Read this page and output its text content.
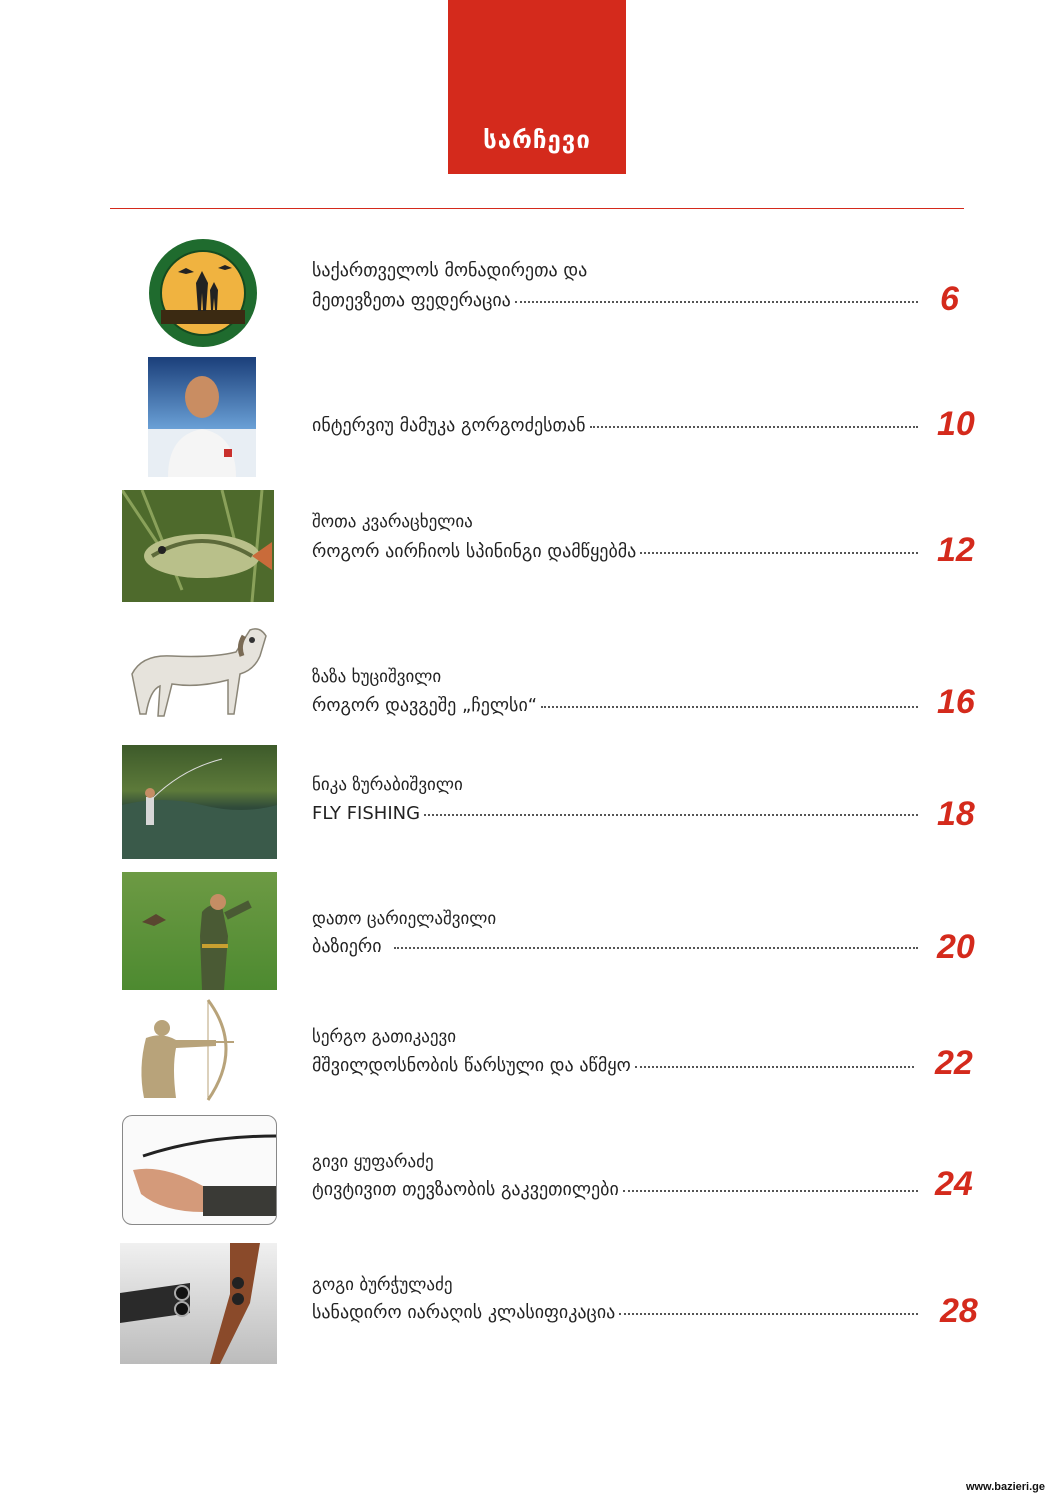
სარჩევი
საქართველოს მონადირეთა და
მეთევზეთა ფედერაცია	6
ინტერვიუ მამუკა გორგოძესთან	10
შოთა კვარაცხელია
როგორ აირჩიოს სპინინგი დამწყებმა	12
ზაზა ხუციშვილი
როგორ დავგეშე „ჩელსი“	16
ნიკა ზურაბიშვილი
FLY FISHING	18
დათო ცარიელაშვილი
ბაზიერი	20
სერგო გათიკაევი
მშვილდოსნობის წარსული და აწმყო	22
გივი ყუფარაძე
ტივტივით თევზაობის გაკვეთილები	24
გოგი ბურჭულაძე
სანადირო იარაღის კლასიფიკაცია	28
www.bazieri.ge
